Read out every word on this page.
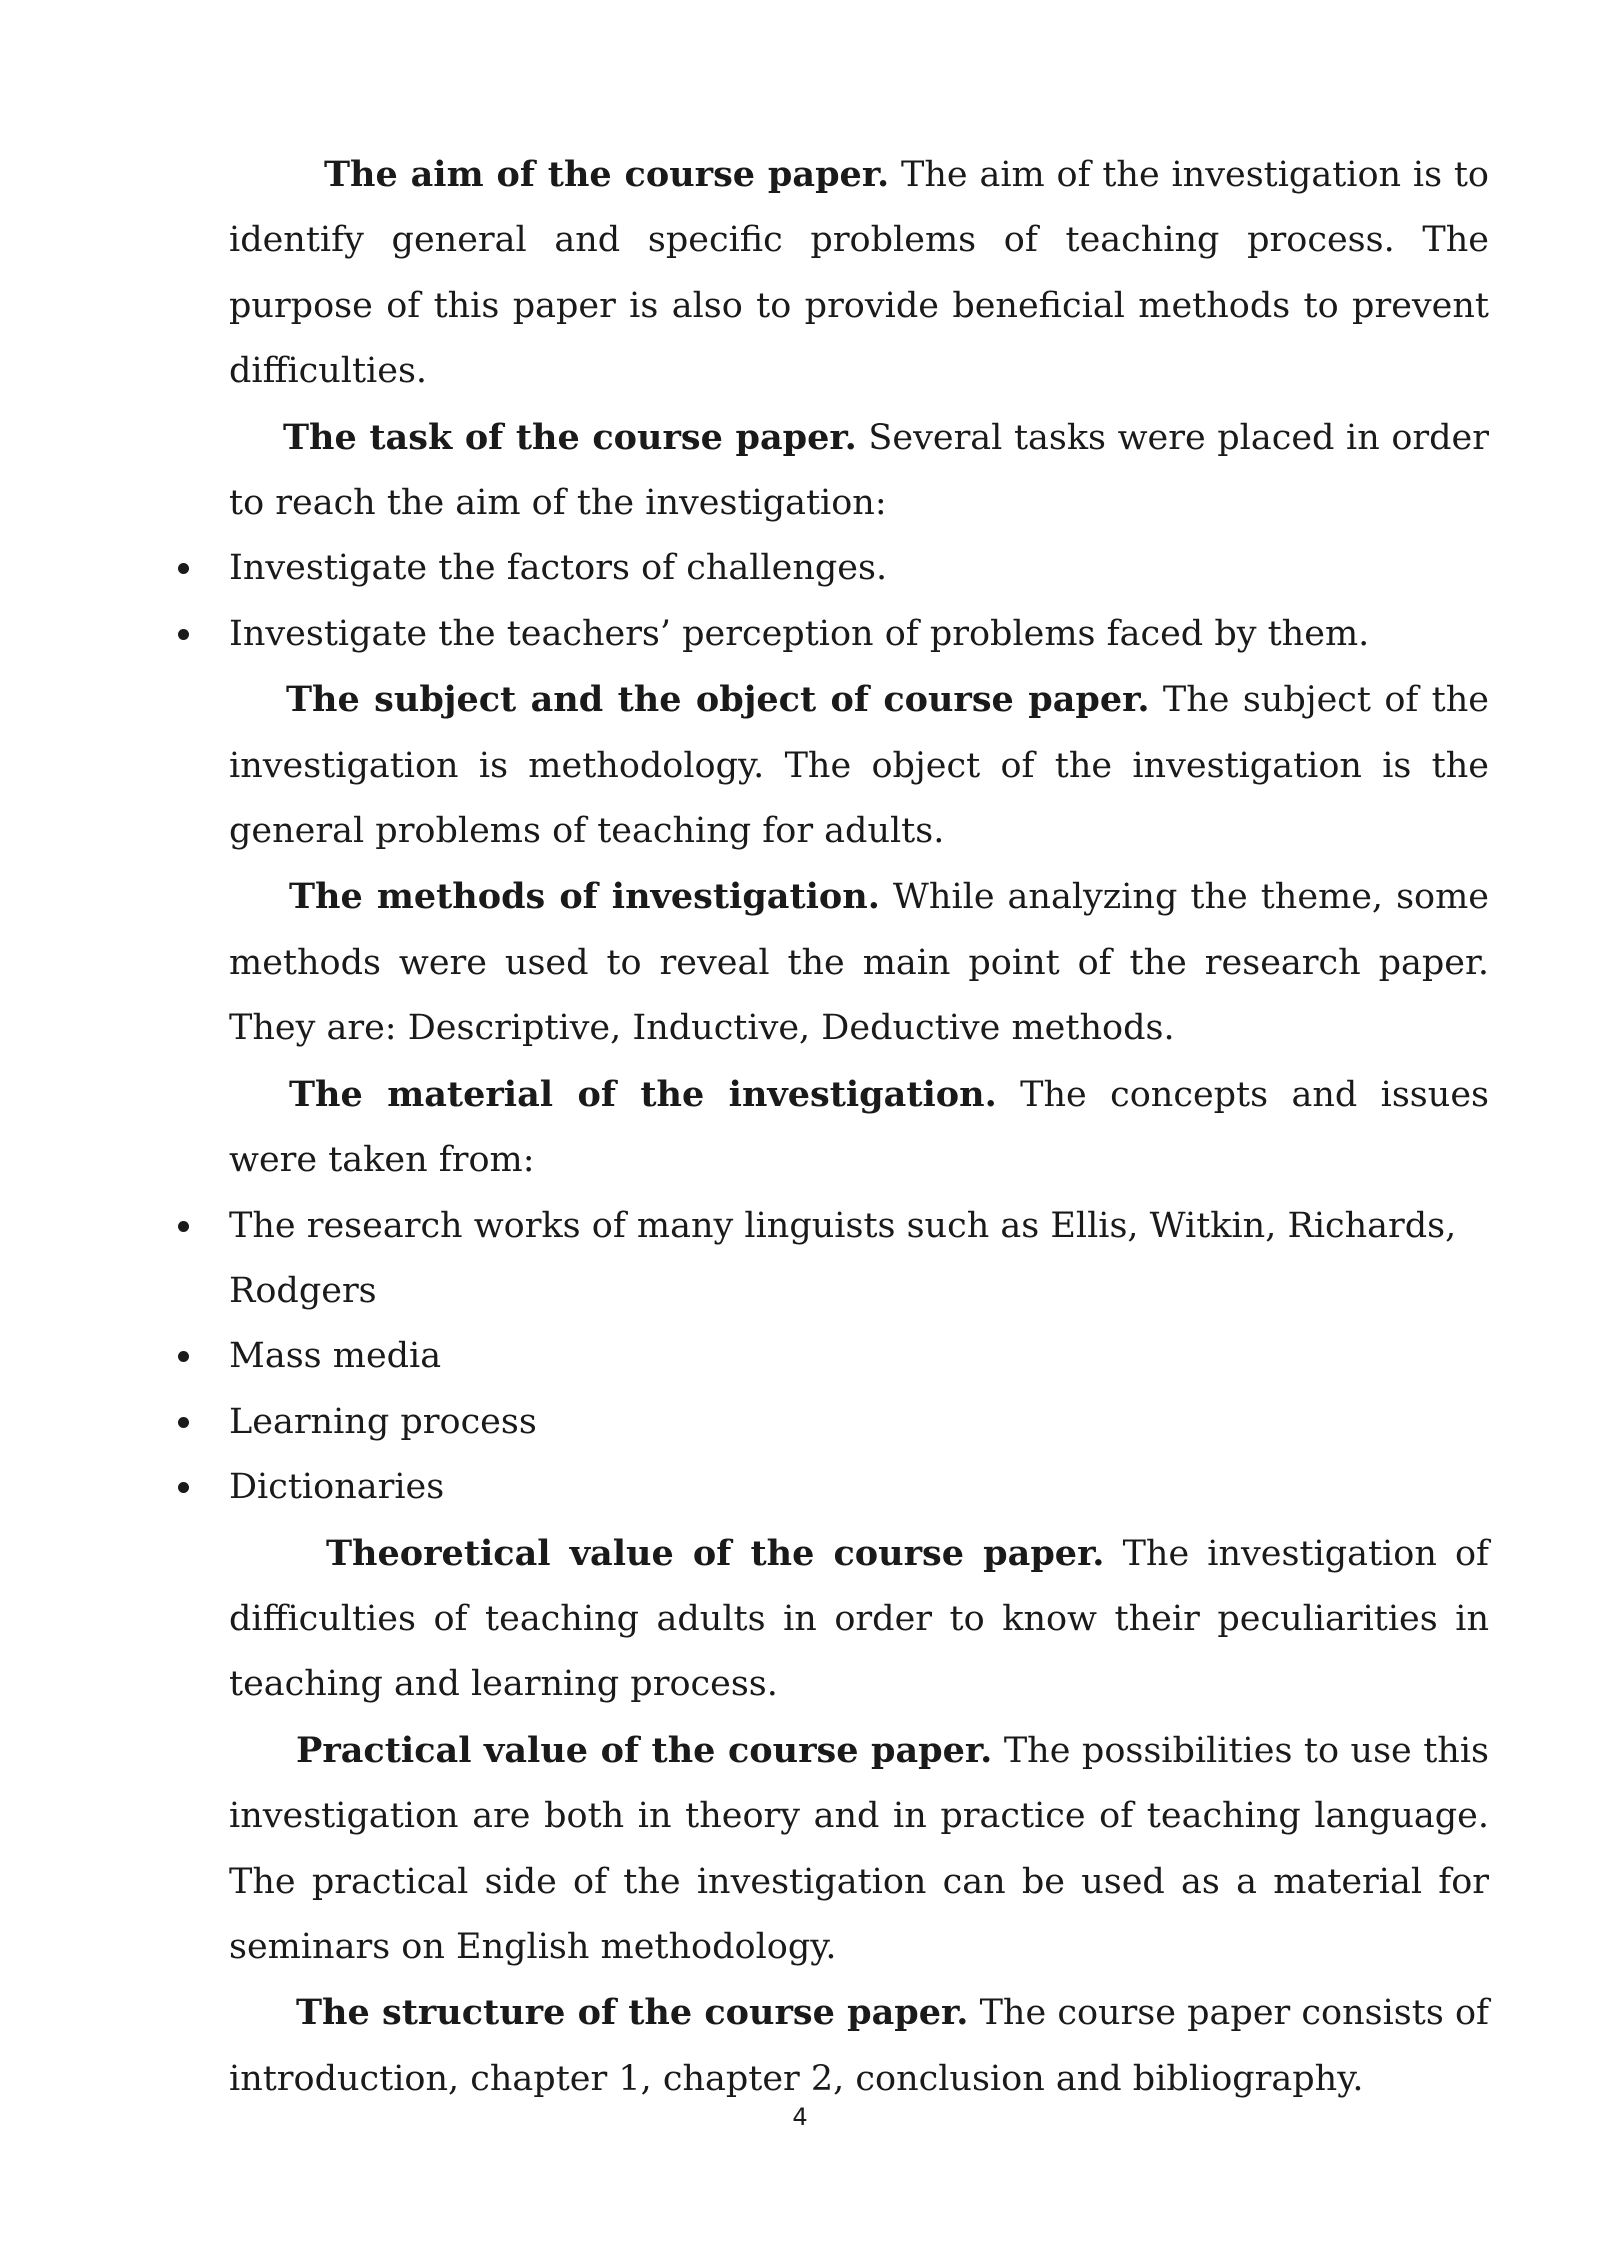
The aim of the course paper. The aim of the investigation is to identify general and specific problems of teaching process. The purpose of this paper is also to provide beneficial methods to prevent difficulties.

The task of the course paper. Several tasks were placed in order to reach the aim of the investigation:

Investigate the factors of challenges.
Investigate the teachers’ perception of problems faced by them.

The subject and the object of course paper. The subject of the investigation is methodology. The object of the investigation is the general problems of teaching for adults.

The methods of investigation. While analyzing the theme, some methods were used to reveal the main point of the research paper. They are: Descriptive, Inductive, Deductive methods.

The material of the investigation. The concepts and issues were taken from:

The research works of many linguists such as Ellis, Witkin, Richards, Rodgers
Mass media
Learning process
Dictionaries

Theoretical value of the course paper. The investigation of difficulties of teaching adults in order to know their peculiarities in teaching and learning process.

Practical value of the course paper. The possibilities to use this investigation are both in theory and in practice of teaching language. The practical side of the investigation can be used as a material for seminars on English methodology.

The structure of the course paper. The course paper consists of introduction, chapter 1, chapter 2, conclusion and bibliography.

4
